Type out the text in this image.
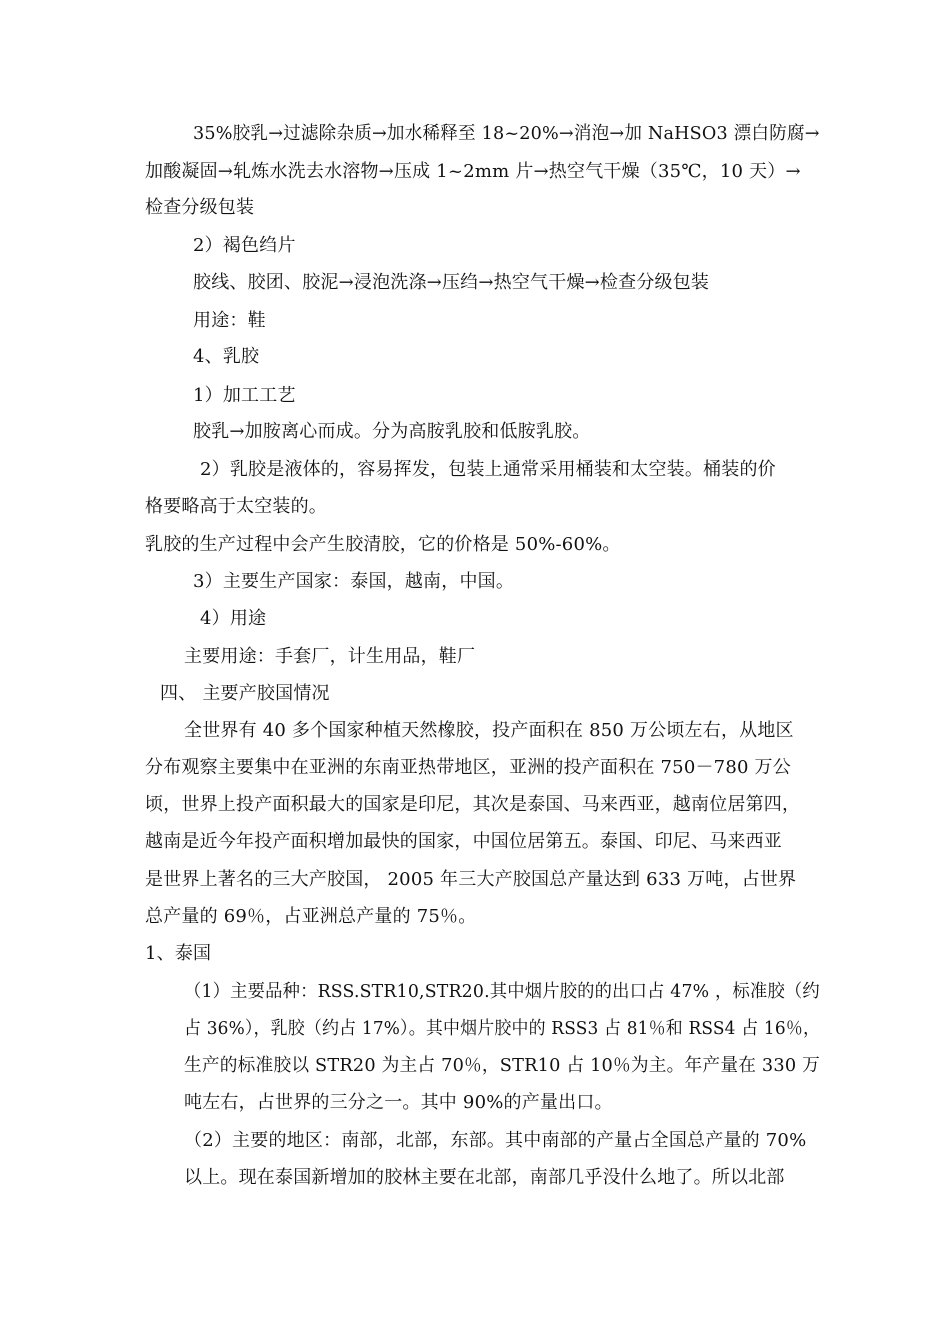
35%胶乳→过滤除杂质→加水稀释至 18~20%→消泡→加 NaHSO3 漂白防腐→
加酸凝固→轧炼水洗去水溶物→压成 1~2mm 片→热空气干燥（35℃，10 天）→
检查分级包装
2）褐色绉片
胶线、胶团、胶泥→浸泡洗涤→压绉→热空气干燥→检查分级包装
用途：鞋
4、乳胶
1）加工工艺
胶乳→加胺离心而成。分为高胺乳胶和低胺乳胶。
2）乳胶是液体的，容易挥发，包装上通常采用桶装和太空装。桶装的价
格要略高于太空装的。
乳胶的生产过程中会产生胶清胶，它的价格是 50%-60%。
3）主要生产国家：泰国，越南，中国。
4）用途
主要用途：手套厂，计生用品，鞋厂
四、 主要产胶国情况
全世界有 40 多个国家种植天然橡胶，投产面积在 850 万公顷左右，从地区
分布观察主要集中在亚洲的东南亚热带地区，亚洲的投产面积在 750－780 万公
顷，世界上投产面积最大的国家是印尼，其次是泰国、马来西亚，越南位居第四，
越南是近今年投产面积增加最快的国家，中国位居第五。泰国、印尼、马来西亚
是世界上著名的三大产胶国， 2005 年三大产胶国总产量达到 633 万吨，占世界
总产量的 69％，占亚洲总产量的 75％。
1、泰国
（1）主要品种：RSS.STR10,STR20.其中烟片胶的的出口占 47% ，标准胶（约
占 36%），乳胶（约占 17%）。其中烟片胶中的 RSS3 占 81％和 RSS4 占 16％，
生产的标准胶以 STR20 为主占 70％，STR10 占 10％为主。年产量在 330 万
吨左右，占世界的三分之一。其中 90%的产量出口。
（2）主要的地区：南部，北部，东部。其中南部的产量占全国总产量的 70%
以上。现在泰国新增加的胶林主要在北部，南部几乎没什么地了。所以北部
